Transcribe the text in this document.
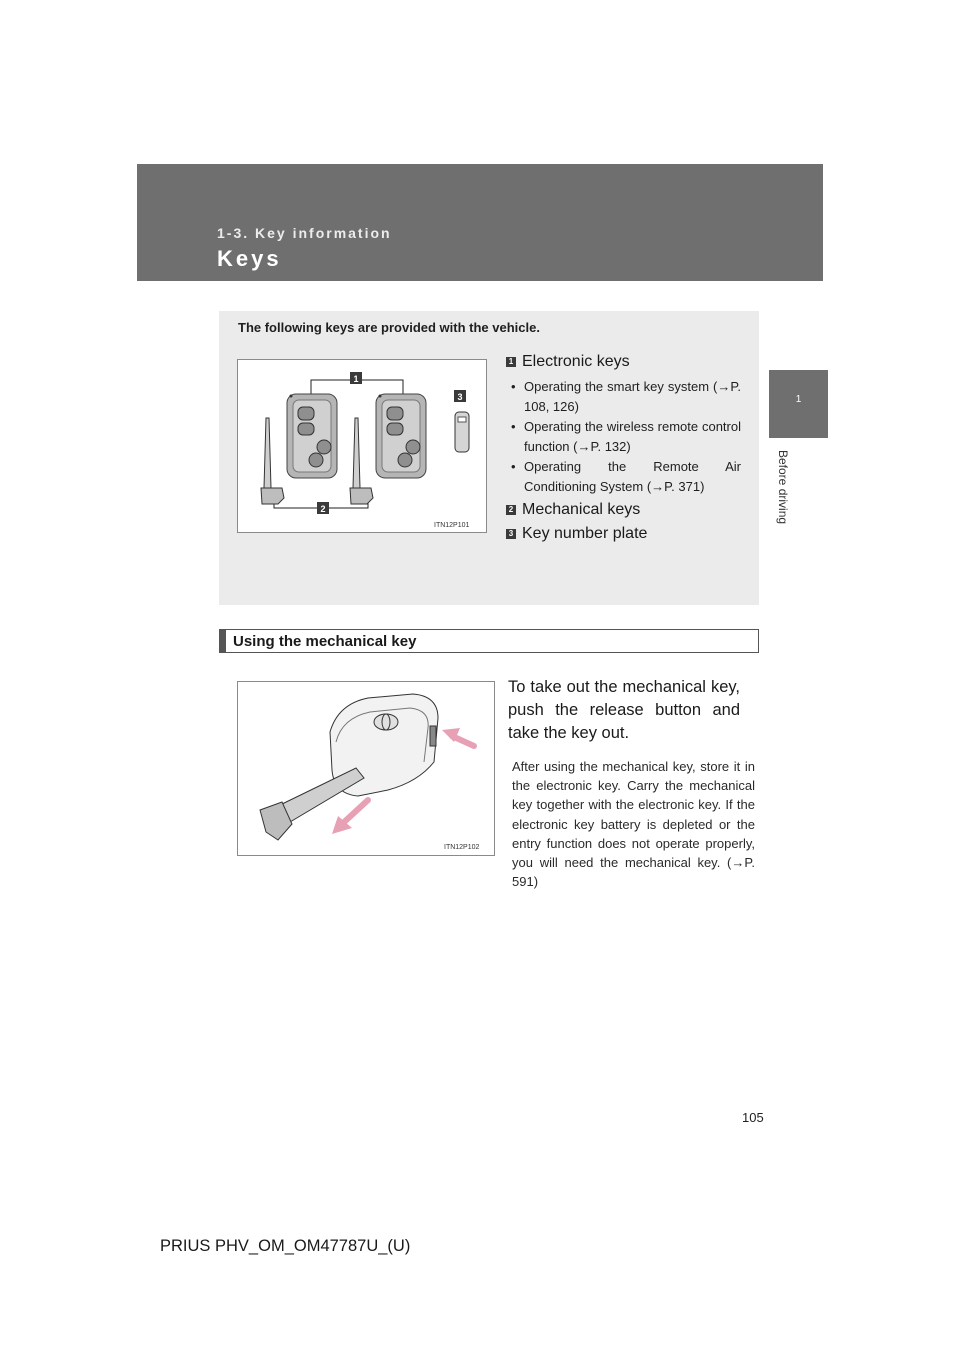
1-3. Key information
Keys
1
Before driving
The following keys are provided with the vehicle.
1
2
3
ITN12P101
1 Electronic keys
• Operating the smart key system (→P. 108, 126)
• Operating the wireless remote control function (→P. 132)
• Operating the Remote Air Conditioning System (→P. 371)
2 Mechanical keys
3 Key number plate
Using the mechanical key
ITN12P102
To take out the mechanical key, push the release button and take the key out.
After using the mechanical key, store it in the electronic key. Carry the mechanical key together with the electronic key. If the electronic key battery is depleted or the entry function does not operate properly, you will need the mechanical key. (→P. 591)
105
PRIUS PHV_OM_OM47787U_(U)
